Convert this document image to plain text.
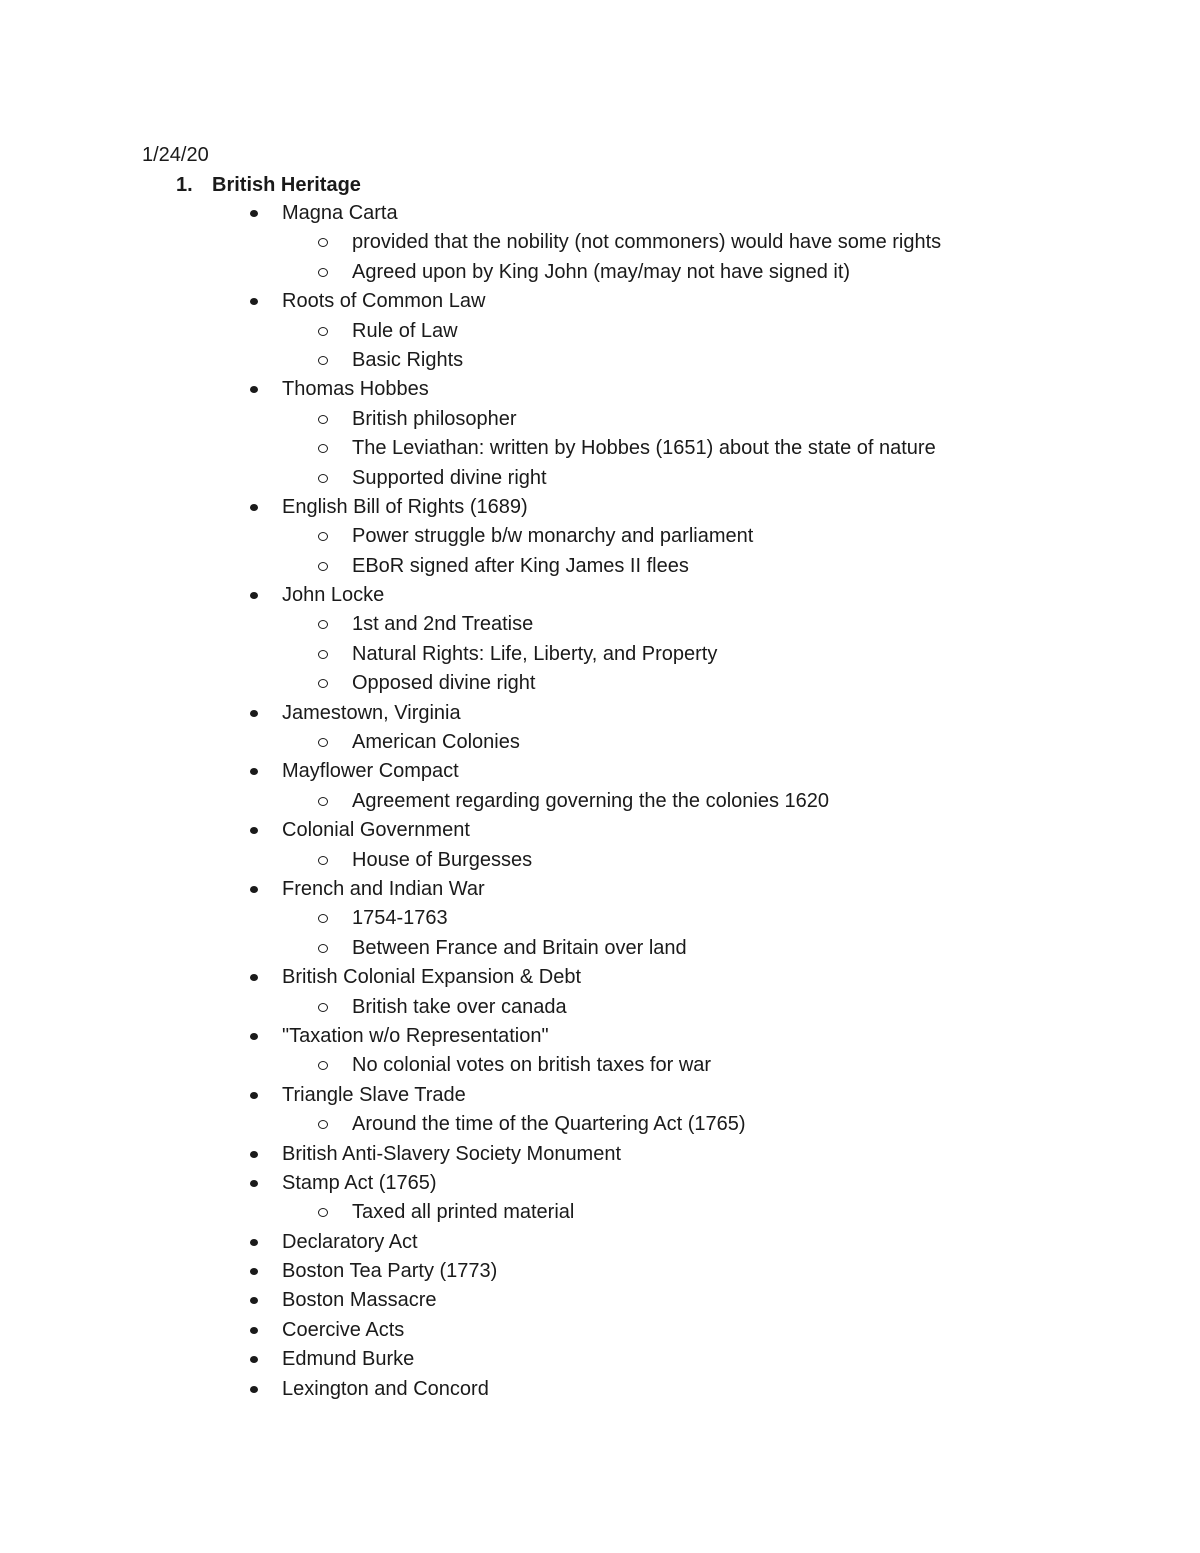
1/24/20
1. British Heritage
Magna Carta
provided that the nobility (not commoners) would have some rights
Agreed upon by King John (may/may not have signed it)
Roots of Common Law
Rule of Law
Basic Rights
Thomas Hobbes
British philosopher
The Leviathan: written by Hobbes (1651) about the state of nature
Supported divine right
English Bill of Rights (1689)
Power struggle b/w monarchy and parliament
EBoR signed after King James II flees
John Locke
1st and 2nd Treatise
Natural Rights: Life, Liberty, and Property
Opposed divine right
Jamestown, Virginia
American Colonies
Mayflower Compact
Agreement regarding governing the the colonies 1620
Colonial Government
House of Burgesses
French and Indian War
1754-1763
Between France and Britain over land
British Colonial Expansion & Debt
British take over canada
"Taxation w/o Representation"
No colonial votes on british taxes for war
Triangle Slave Trade
Around the time of the Quartering Act (1765)
British Anti-Slavery Society Monument
Stamp Act (1765)
Taxed all printed material
Declaratory Act
Boston Tea Party (1773)
Boston Massacre
Coercive Acts
Edmund Burke
Lexington and Concord
